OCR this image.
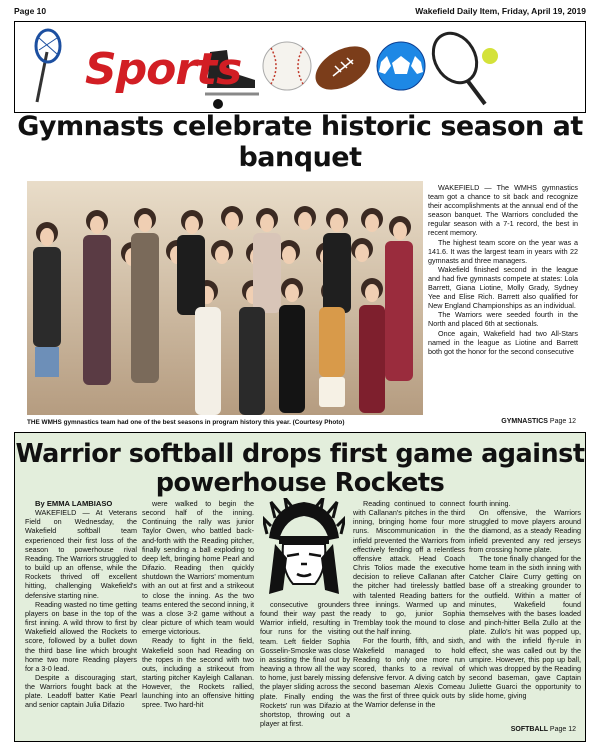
Page 10	Wakefield Daily Item, Friday, April 19, 2019
Sports
Gymnasts celebrate historic season at banquet
THE WMHS gymnastics team had one of the best seasons in program history this year. (Courtesy Photo)

WAKEFIELD — The WMHS gymnastics team got a chance to sit back and recognize their accomplishments at the annual end of the season banquet. The Warriors concluded the regular season with a 7-1 record, the best in recent memory.

The highest team score on the year was a 141.6. It was the largest team in years with 22 gymnasts and three managers.

Wakefield finished second in the league and had five gymnasts compete at states: Lola Barrett, Giana Liotine, Molly Grady, Sydney Yee and Elise Rich. Barrett also qualified for New England Championships as an individual.

The Warriors were seeded fourth in the North and placed 6th at sectionals.

Once again, Wakefield had two All-Stars named in the league as Liotine and Barrett both got the honor for the second consecutive

GYMNASTICS Page 12
Warrior softball drops first game against powerhouse Rockets

By EMMA LAMBIASO

WAKEFIELD — At Veterans Field on Wednesday, the Wakefield softball team experienced their first loss of the season to powerhouse rival Reading. The Warriors struggled to to build up an offense, while the Rockets thrived off excellent hitting, challenging Wakefield's defensive starting nine.

Reading wasted no time getting players on base in the top of the first inning. A wild throw to first by Wakefield allowed the Rockets to score, followed by a bullet down the third base line which brought home two more Reading players for a 3-0 lead.

Despite a discouraging start, the Warriors fought back at the plate. Leadoff batter Katie Pearl and senior captain Julia Difazio

were walked to begin the second half of the inning. Continuing the rally was junior Taylor Owen, who battled back-and-forth with the Reading pitcher, finally sending a ball exploding to deep left, bringing home Pearl and Difazio. Reading then quickly shutdown the Warriors' momentum with an out at first and a strikeout to close the inning. As the two teams entered the second inning, it was a close 3-2 game without a clear picture of which team would emerge victorious.

Ready to fight in the field, Wakefield soon had Reading on the ropes in the second with two outs, including a strikeout from starting pitcher Kayleigh Callanan. However, the Rockets rallied, launching into an offensive hitting spree. Two hard-hit

consecutive grounders found their way past the Warrior infield, resulting in four runs for the visiting team. Left fielder Sophia Gosselin-Smoske was close in assisting the final out by heaving a throw all the way to home, just barely missing the player sliding across the plate. Finally ending the Rockets' run was Difazio at shortstop, throwing out a player at first.

Reading continued to connect with Callanan's pitches in the third inning, bringing home four more runs. Miscommunication in the infield prevented the Warriors from effectively fending off a relentless offensive attack. Head Coach Chris Tolios made the executive decision to relieve Callanan after the pitcher had tirelessly battled with talented Reading batters for three innings. Warmed up and ready to go, junior Sophia Tremblay took the mound to close out the half inning.

For the fourth, fifth, and sixth, Wakefield managed to hold Reading to only one more run scored, thanks to a revival of defensive fervor. A diving catch by second baseman Alexis Comeau was the first of three quick outs by the Warrior defense in the

fourth inning.

On offensive, the Warriors struggled to move players around the diamond, as a steady Reading infield prevented any red jerseys from crossing home plate.

The tone finally changed for the home team in the sixth inning with Catcher Claire Curry getting on base off a streaking grounder to the outfield. Within a matter of minutes, Wakefield found themselves with the bases loaded and pinch-hitter Bella Zullo at the plate. Zullo's hit was popped up, and with the infield fly-rule in effect, she was called out by the umpire. However, this pop up ball, which was dropped by the Reading second baseman, gave Captain Juliette Guarci the opportunity to slide home, giving

SOFTBALL Page 12
